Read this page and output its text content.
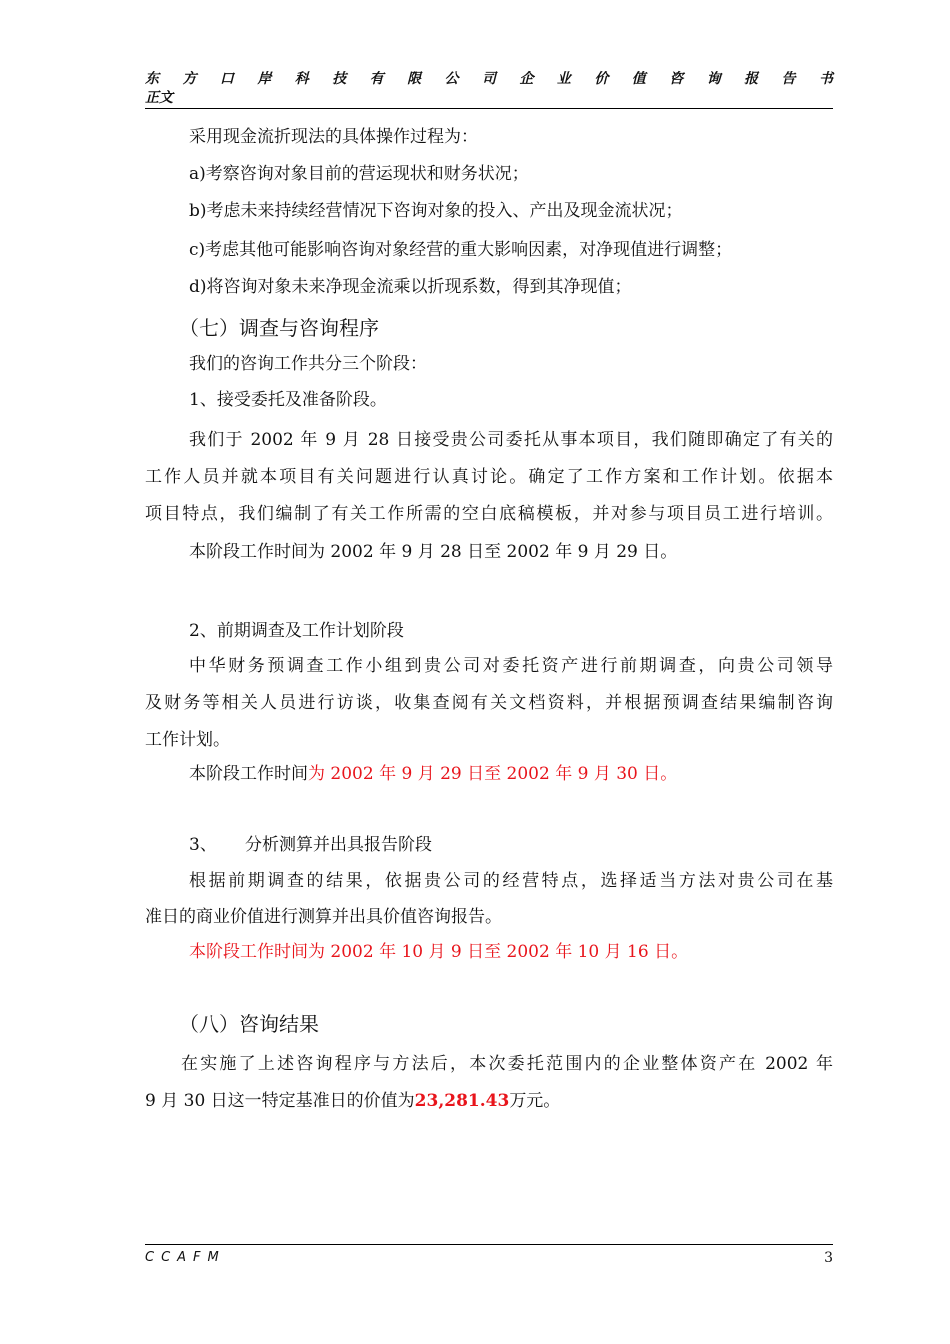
东方口岸科技有限公司企业价值咨询报告书
正文
采用现金流折现法的具体操作过程为：
a)考察咨询对象目前的营运现状和财务状况；
b)考虑未来持续经营情况下咨询对象的投入、产出及现金流状况；
c)考虑其他可能影响咨询对象经营的重大影响因素，对净现值进行调整；
d)将咨询对象未来净现金流乘以折现系数，得到其净现值；
（七）调查与咨询程序
我们的咨询工作共分三个阶段：
1、接受委托及准备阶段。
我们于 2002 年 9 月 28 日接受贵公司委托从事本项目，我们随即确定了有关的
工作人员并就本项目有关问题进行认真讨论。确定了工作方案和工作计划。依据本
项目特点，我们编制了有关工作所需的空白底稿模板，并对参与项目员工进行培训。
本阶段工作时间为 2002 年 9 月 28 日至 2002 年 9 月 29 日。
2、前期调查及工作计划阶段
中华财务预调查工作小组到贵公司对委托资产进行前期调查，向贵公司领导
及财务等相关人员进行访谈，收集查阅有关文档资料，并根据预调查结果编制咨询
工作计划。
本阶段工作时间为 2002 年 9 月 29 日至 2002 年 9 月 30 日。
3、 分析测算并出具报告阶段
根据前期调查的结果，依据贵公司的经营特点，选择适当方法对贵公司在基
准日的商业价值进行测算并出具价值咨询报告。
本阶段工作时间为 2002 年 10 月 9 日至 2002 年 10 月 16 日。
（八）咨询结果
在实施了上述咨询程序与方法后，本次委托范围内的企业整体资产在 2002 年
9 月 30 日这一特定基准日的价值为23,281.43万元。
CCAFM	3
